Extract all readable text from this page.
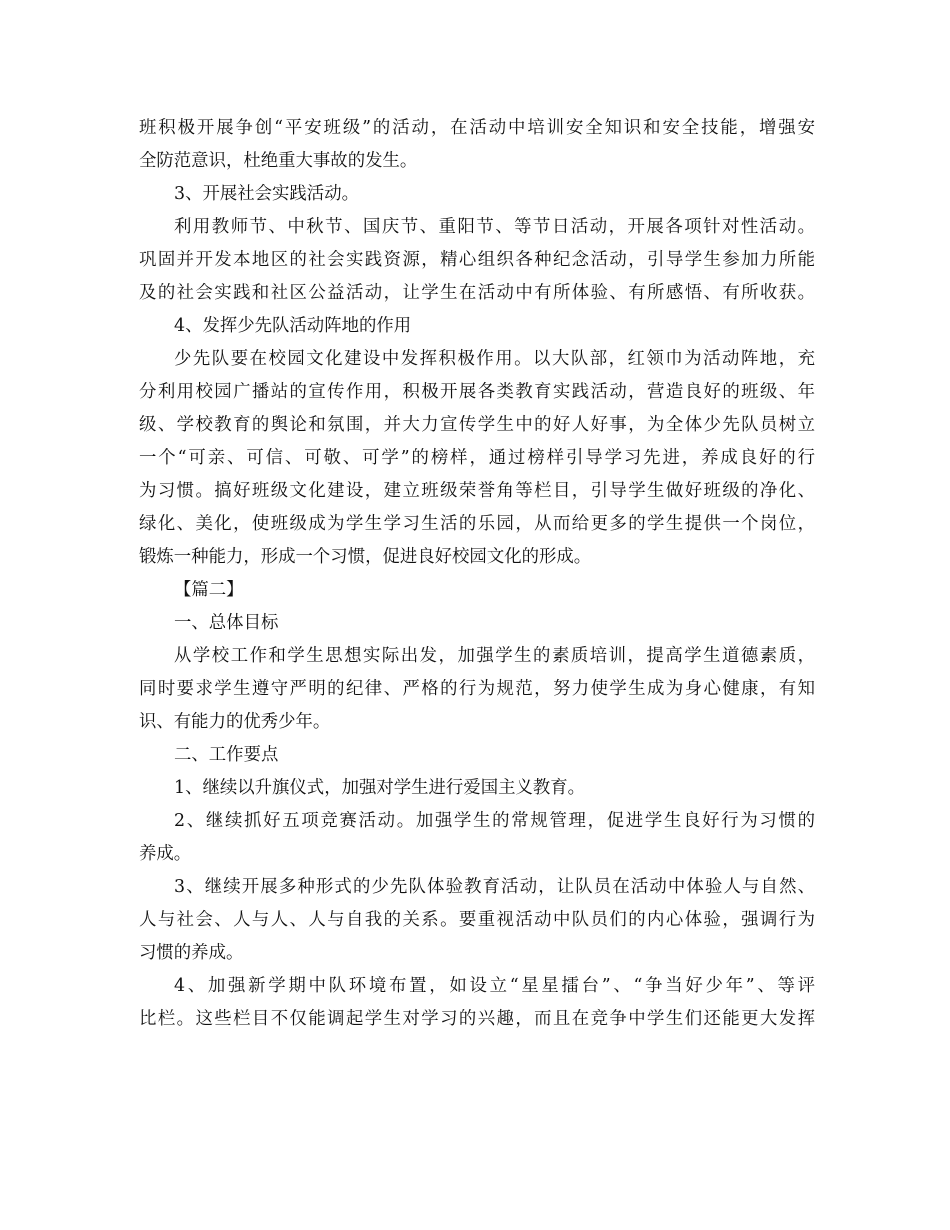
班积极开展争创“平安班级”的活动，在活动中培训安全知识和安全技能，增强安
全防范意识，杜绝重大事故的发生。
3、开展社会实践活动。
利用教师节、中秋节、国庆节、重阳节、等节日活动，开展各项针对性活动。
巩固并开发本地区的社会实践资源，精心组织各种纪念活动，引导学生参加力所能
及的社会实践和社区公益活动，让学生在活动中有所体验、有所感悟、有所收获。
4、发挥少先队活动阵地的作用
少先队要在校园文化建设中发挥积极作用。以大队部，红领巾为活动阵地，充
分利用校园广播站的宣传作用，积极开展各类教育实践活动，营造良好的班级、年
级、学校教育的舆论和氛围，并大力宣传学生中的好人好事，为全体少先队员树立
一个“可亲、可信、可敬、可学”的榜样，通过榜样引导学习先进，养成良好的行
为习惯。搞好班级文化建设，建立班级荣誉角等栏目，引导学生做好班级的净化、
绿化、美化，使班级成为学生学习生活的乐园，从而给更多的学生提供一个岗位，
锻炼一种能力，形成一个习惯，促进良好校园文化的形成。
【篇二】
一、总体目标
从学校工作和学生思想实际出发，加强学生的素质培训，提高学生道德素质，
同时要求学生遵守严明的纪律、严格的行为规范，努力使学生成为身心健康，有知
识、有能力的优秀少年。
二、工作要点
1、继续以升旗仪式，加强对学生进行爱国主义教育。
2、继续抓好五项竞赛活动。加强学生的常规管理，促进学生良好行为习惯的
养成。
3、继续开展多种形式的少先队体验教育活动，让队员在活动中体验人与自然、
人与社会、人与人、人与自我的关系。要重视活动中队员们的内心体验，强调行为
习惯的养成。
4、加强新学期中队环境布置，如设立“星星擂台”、“争当好少年”、等评
比栏。这些栏目不仅能调起学生对学习的兴趣，而且在竞争中学生们还能更大发挥
